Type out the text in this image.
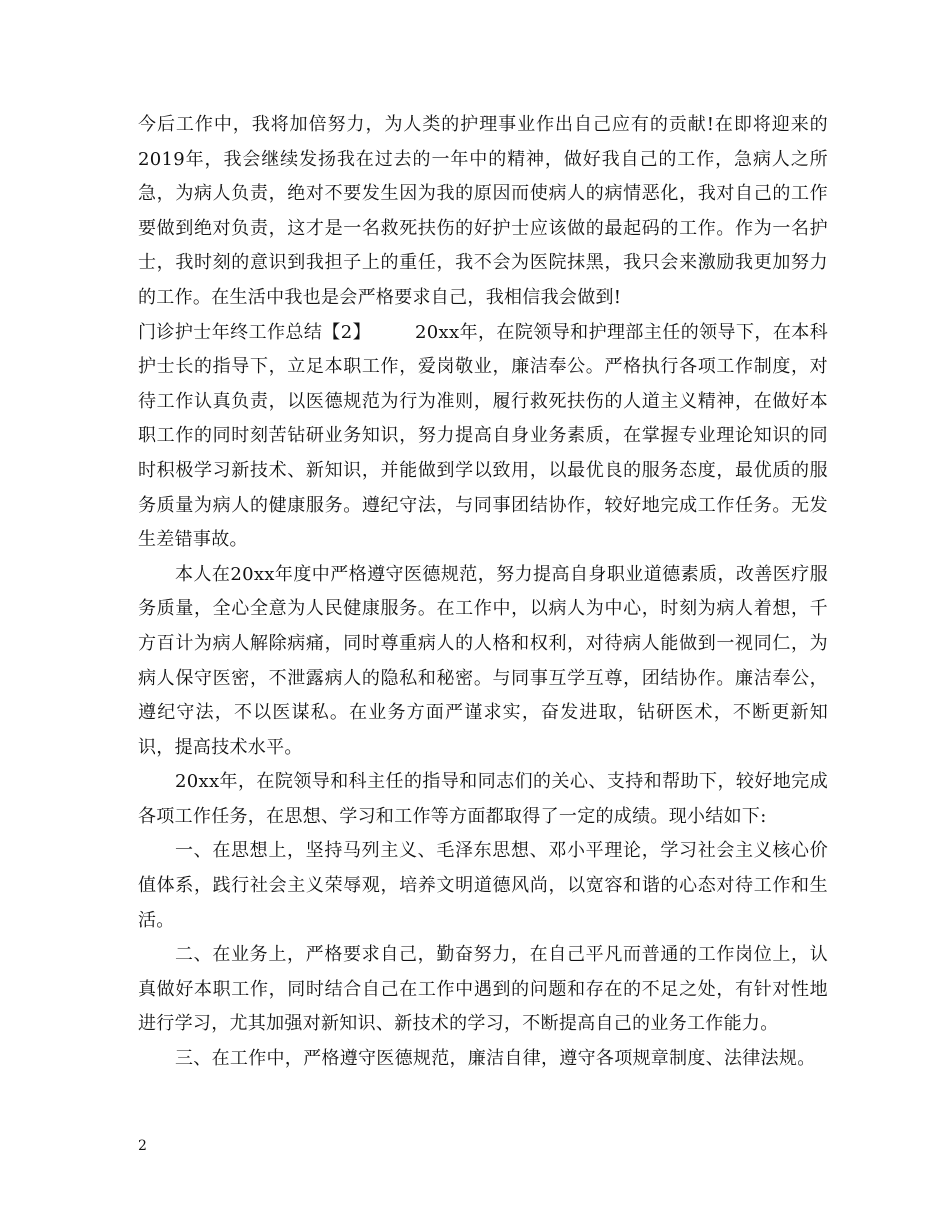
今后工作中，我将加倍努力，为人类的护理事业作出自己应有的贡献!在即将迎来的2019年，我会继续发扬我在过去的一年中的精神，做好我自己的工作，急病人之所急，为病人负责，绝对不要发生因为我的原因而使病人的病情恶化，我对自己的工作要做到绝对负责，这才是一名救死扶伤的好护士应该做的最起码的工作。作为一名护士，我时刻的意识到我担子上的重任，我不会为医院抹黑，我只会来激励我更加努力的工作。在生活中我也是会严格要求自己，我相信我会做到!

门诊护士年终工作总结【2】 20xx年，在院领导和护理部主任的领导下，在本科护士长的指导下，立足本职工作，爱岗敬业，廉洁奉公。严格执行各项工作制度，对待工作认真负责，以医德规范为行为准则，履行救死扶伤的人道主义精神，在做好本职工作的同时刻苦钻研业务知识，努力提高自身业务素质，在掌握专业理论知识的同时积极学习新技术、新知识，并能做到学以致用，以最优良的服务态度，最优质的服务质量为病人的健康服务。遵纪守法，与同事团结协作，较好地完成工作任务。无发生差错事故。

本人在20xx年度中严格遵守医德规范，努力提高自身职业道德素质，改善医疗服务质量，全心全意为人民健康服务。在工作中，以病人为中心，时刻为病人着想，千方百计为病人解除病痛，同时尊重病人的人格和权利，对待病人能做到一视同仁，为病人保守医密，不泄露病人的隐私和秘密。与同事互学互尊，团结协作。廉洁奉公，遵纪守法，不以医谋私。在业务方面严谨求实，奋发进取，钻研医术，不断更新知识，提高技术水平。

20xx年，在院领导和科主任的指导和同志们的关心、支持和帮助下，较好地完成各项工作任务，在思想、学习和工作等方面都取得了一定的成绩。现小结如下:

一、在思想上，坚持马列主义、毛泽东思想、邓小平理论，学习社会主义核心价值体系，践行社会主义荣辱观，培养文明道德风尚，以宽容和谐的心态对待工作和生活。

二、在业务上，严格要求自己，勤奋努力，在自己平凡而普通的工作岗位上，认真做好本职工作，同时结合自己在工作中遇到的问题和存在的不足之处，有针对性地进行学习，尤其加强对新知识、新技术的学习，不断提高自己的业务工作能力。

三、在工作中，严格遵守医德规范，廉洁自律，遵守各项规章制度、法律法规。

2
